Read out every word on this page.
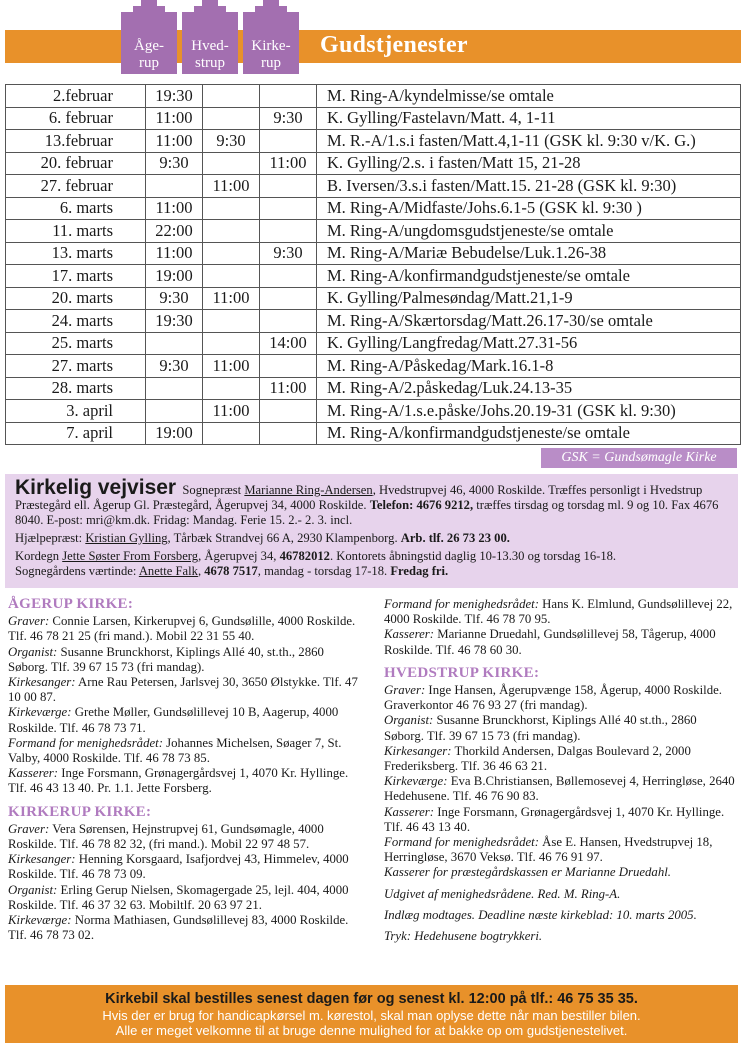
Åge-
rup
Hved-
strup
Kirke-
rup
Gudstjenester
2.februar	19:30			M. Ring-A/kyndelmisse/se omtale
6. februar	11:00		9:30	K. Gylling/Fastelavn/Matt. 4, 1-11
13.februar	11:00	9:30		M. R.-A/1.s.i fasten/Matt.4,1-11 (GSK kl. 9:30 v/K. G.)
20. februar	9:30		11:00	K. Gylling/2.s. i fasten/Matt 15, 21-28
27. februar		11:00		B. Iversen/3.s.i fasten/Matt.15. 21-28 (GSK kl. 9:30)
6. marts	11:00			M. Ring-A/Midfaste/Johs.6.1-5 (GSK kl. 9:30 )
11. marts	22:00			M. Ring-A/ungdomsgudstjeneste/se omtale
13. marts	11:00		9:30	M. Ring-A/Mariæ Bebudelse/Luk.1.26-38
17. marts	19:00			M. Ring-A/konfirmandgudstjeneste/se omtale
20. marts	9:30	11:00		K. Gylling/Palmesøndag/Matt.21,1-9
24. marts	19:30			M. Ring-A/Skærtorsdag/Matt.26.17-30/se omtale
25. marts			14:00	K. Gylling/Langfredag/Matt.27.31-56
27. marts	9:30	11:00		M. Ring-A/Påskedag/Mark.16.1-8
28. marts			11:00	M. Ring-A/2.påskedag/Luk.24.13-35
3. april		11:00		M. Ring-A/1.s.e.påske/Johs.20.19-31 (GSK kl. 9:30)
7. april	19:00			M. Ring-A/konfirmandgudstjeneste/se omtale
GSK = Gundsømagle Kirke

Kirkelig vejviser Sognepræst Marianne Ring-Andersen, Hvedstrupvej 46, 4000 Roskilde. Træffes personligt i Hvedstrup Præstegård ell. Ågerup Gl. Præstegård, Ågerupvej 34, 4000 Roskilde. Telefon: 4676 9212, træffes tirsdag og torsdag ml. 9 og 10. Fax 4676 8040. E-post: mri@km.dk. Fridag: Mandag. Ferie 15. 2.- 2. 3. incl.

Hjælpepræst: Kristian Gylling, Tårbæk Strandvej 66 A, 2930 Klampenborg. Arb. tlf. 26 73 23 00.

Kordegn Jette Søster From Forsberg, Ågerupvej 34, 46782012. Kontorets åbningstid daglig 10-13.30 og torsdag 16-18.

Sognegårdens værtinde: Anette Falk, 4678 7517, mandag - torsdag 17-18. Fredag fri.

ÅGERUP KIRKE:

Graver: Connie Larsen, Kirkerupvej 6, Gundsølille, 4000 Roskilde. Tlf. 46 78 21 25 (fri mand.). Mobil 22 31 55 40.

Organist: Susanne Brunckhorst, Kiplings Allé 40, st.th., 2860 Søborg. Tlf. 39 67 15 73 (fri mandag).

Kirkesanger: Arne Rau Petersen, Jarlsvej 30, 3650 Ølstykke. Tlf. 47 10 00 87.

Kirkeværge: Grethe Møller, Gundsølillevej 10 B, Aagerup, 4000 Roskilde. Tlf. 46 78 73 71.

Formand for menighedsrådet: Johannes Michelsen, Søager 7, St. Valby, 4000 Roskilde. Tlf. 46 78 73 85.

Kasserer: Inge Forsmann, Grønagergårdsvej 1, 4070 Kr. Hyllinge. Tlf. 46 43 13 40. Pr. 1.1. Jette Forsberg.

KIRKERUP KIRKE:

Graver: Vera Sørensen, Hejnstrupvej 61, Gundsømagle, 4000 Roskilde. Tlf. 46 78 82 32, (fri mand.). Mobil 22 97 48 57.

Kirkesanger: Henning Korsgaard, Isafjordvej 43, Himmelev, 4000 Roskilde. Tlf. 46 78 73 09.

Organist: Erling Gerup Nielsen, Skomagergade 25, lejl. 404, 4000 Roskilde. Tlf. 46 37 32 63. Mobiltlf. 20 63 97 21.

Kirkeværge: Norma Mathiasen, Gundsølillevej 83, 4000 Roskilde. Tlf. 46 78 73 02.

Formand for menighedsrådet: Hans K. Elmlund, Gundsølillevej 22, 4000 Roskilde. Tlf. 46 78 70 95.

Kasserer: Marianne Druedahl, Gundsølillevej 58, Tågerup, 4000 Roskilde. Tlf. 46 78 60 30.

HVEDSTRUP KIRKE:

Graver: Inge Hansen, Ågerupvænge 158, Ågerup, 4000 Roskilde. Graverkontor 46 76 93 27 (fri mandag).

Organist: Susanne Brunckhorst, Kiplings Allé 40 st.th., 2860 Søborg. Tlf. 39 67 15 73 (fri mandag).

Kirkesanger: Thorkild Andersen, Dalgas Boulevard 2, 2000 Frederiksberg. Tlf. 36 46 63 21.

Kirkeværge: Eva B.Christiansen, Bøllemosevej 4, Herringløse, 2640 Hedehusene. Tlf. 46 76 90 83.

Kasserer: Inge Forsmann, Grønagergårdsvej 1, 4070 Kr. Hyllinge. Tlf. 46 43 13 40.

Formand for menighedsrådet: Åse E. Hansen, Hvedstrupvej 18, Herringløse, 3670 Veksø. Tlf. 46 76 91 97.

Kasserer for præstegårdskassen er Marianne Druedahl.

Udgivet af menighedsrådene. Red. M. Ring-A.

Indlæg modtages. Deadline næste kirkeblad: 10. marts 2005.

Tryk: Hedehusene bogtrykkeri.

Kirkebil skal bestilles senest dagen før og senest kl. 12:00 på tlf.: 46 75 35 35.
Hvis der er brug for handicapkørsel m. kørestol, skal man oplyse dette når man bestiller bilen.
Alle er meget velkomne til at bruge denne mulighed for at bakke op om gudstjenestelivet.
